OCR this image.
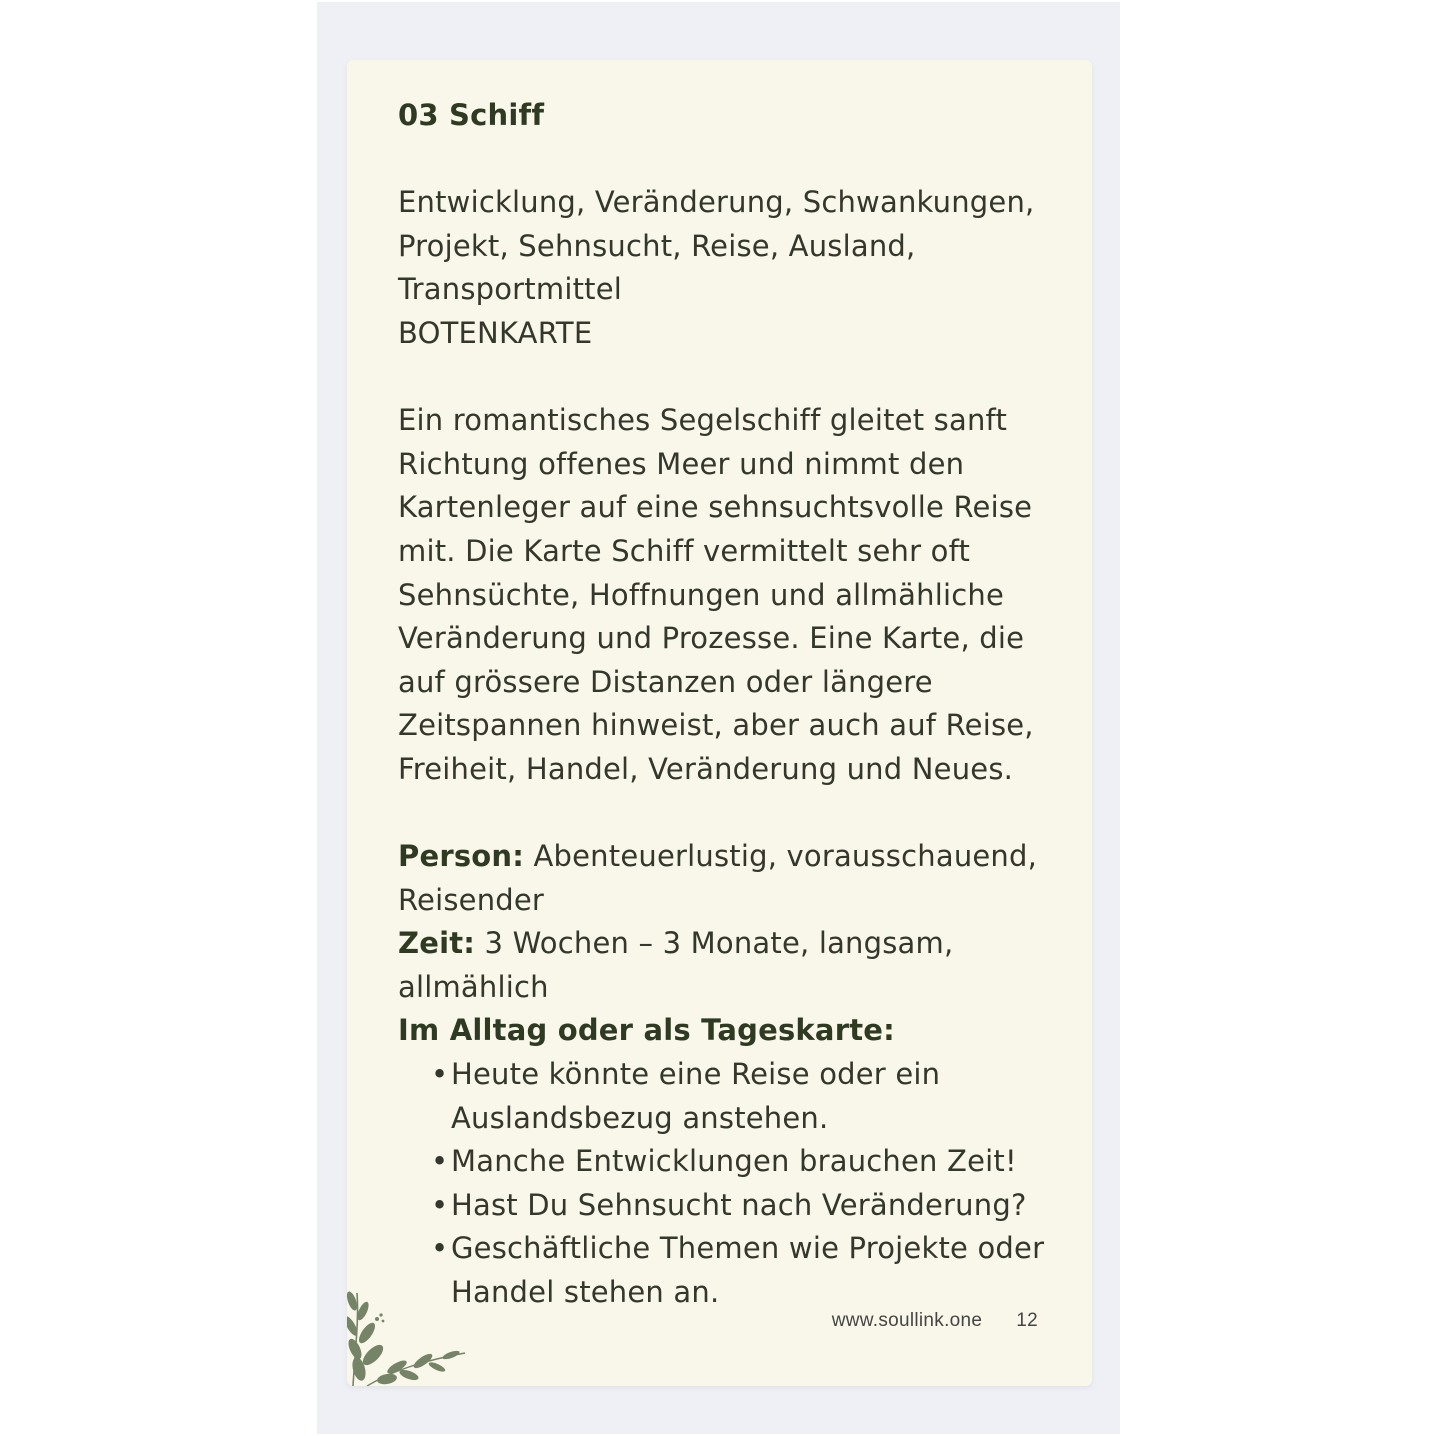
03 Schiff
Entwicklung, Veränderung, Schwankungen,
Projekt, Sehnsucht, Reise, Ausland,
Transportmittel
BOTENKARTE
Ein romantisches Segelschiff gleitet sanft
Richtung offenes Meer und nimmt den
Kartenleger auf eine sehnsuchtsvolle Reise
mit. Die Karte Schiff vermittelt sehr oft
Sehnsüchte, Hoffnungen und allmähliche
Veränderung und Prozesse. Eine Karte, die
auf grössere Distanzen oder längere
Zeitspannen hinweist, aber auch auf Reise,
Freiheit, Handel, Veränderung und Neues.
Person: Abenteuerlustig, vorausschauend,
Reisender
Zeit: 3 Wochen – 3 Monate, langsam,
allmählich
Im Alltag oder als Tageskarte:
• Heute könnte eine Reise oder ein
Auslandsbezug anstehen.
• Manche Entwicklungen brauchen Zeit!
• Hast Du Sehnsucht nach Veränderung?
• Geschäftliche Themen wie Projekte oder
Handel stehen an.
www.soullink.one 12
